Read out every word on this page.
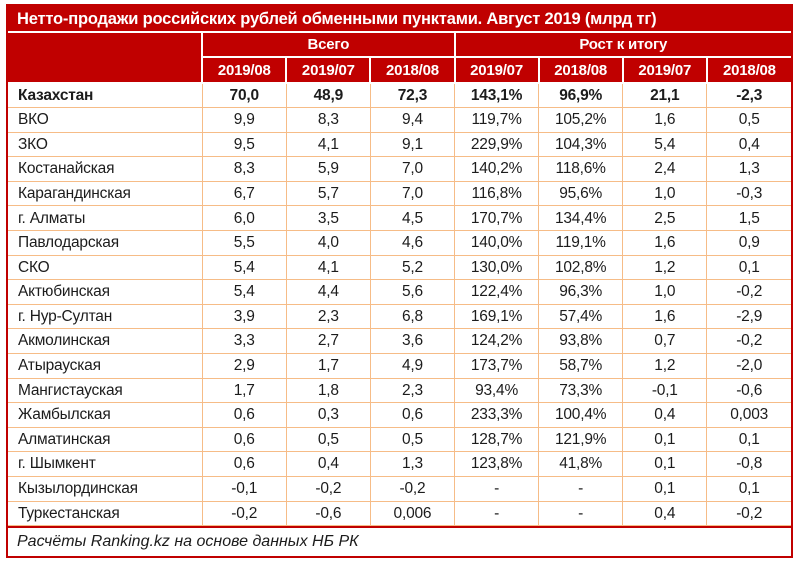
Нетто-продажи российских рублей обменными пунктами. Август 2019 (млрд тг)
	Всего			Рост к итогу			
	2019/08	2019/07	2018/08	2019/07	2018/08	2019/07	2018/08
Казахстан	70,0	48,9	72,3	143,1%	96,9%	21,1	-2,3
ВКО	9,9	8,3	9,4	119,7%	105,2%	1,6	0,5
ЗКО	9,5	4,1	9,1	229,9%	104,3%	5,4	0,4
Костанайская	8,3	5,9	7,0	140,2%	118,6%	2,4	1,3
Карагандинская	6,7	5,7	7,0	116,8%	95,6%	1,0	-0,3
г. Алматы	6,0	3,5	4,5	170,7%	134,4%	2,5	1,5
Павлодарская	5,5	4,0	4,6	140,0%	119,1%	1,6	0,9
СКО	5,4	4,1	5,2	130,0%	102,8%	1,2	0,1
Актюбинская	5,4	4,4	5,6	122,4%	96,3%	1,0	-0,2
г. Нур-Султан	3,9	2,3	6,8	169,1%	57,4%	1,6	-2,9
Акмолинская	3,3	2,7	3,6	124,2%	93,8%	0,7	-0,2
Атырауская	2,9	1,7	4,9	173,7%	58,7%	1,2	-2,0
Мангистауская	1,7	1,8	2,3	93,4%	73,3%	-0,1	-0,6
Жамбылская	0,6	0,3	0,6	233,3%	100,4%	0,4	0,003
Алматинская	0,6	0,5	0,5	128,7%	121,9%	0,1	0,1
г. Шымкент	0,6	0,4	1,3	123,8%	41,8%	0,1	-0,8
Кызылординская	-0,1	-0,2	-0,2	-	-	0,1	0,1
Туркестанская	-0,2	-0,6	0,006	-	-	0,4	-0,2
Расчёты Ranking.kz на основе данных НБ РК
